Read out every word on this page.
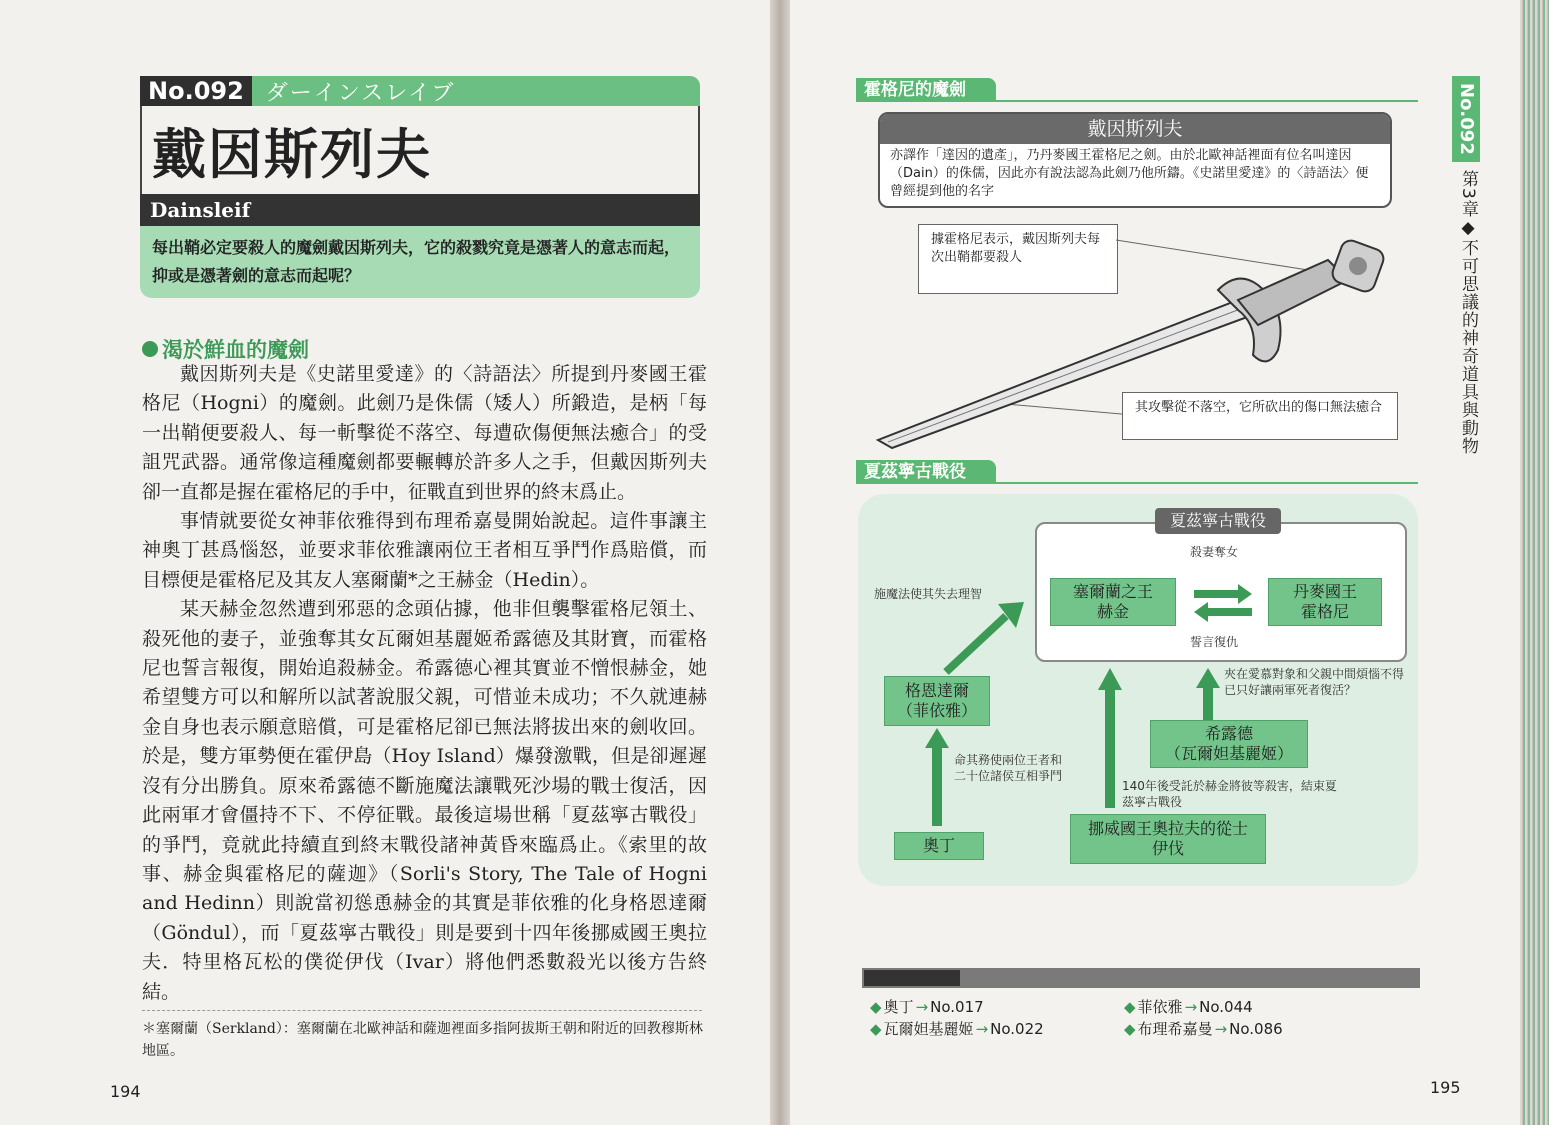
No.092	ダーインスレイブ
戴因斯列夫
Dainsleif
每出鞘必定要殺人的魔劍戴因斯列夫，它的殺戮究竟是憑著人的意志而起，抑或是憑著劍的意志而起呢？
渴於鮮血的魔劍

戴因斯列夫是《史諾里愛達》的〈詩語法〉所提到丹麥國王霍格尼（Hogni）的魔劍。此劍乃是侏儒（矮人）所鍛造，是柄「每一出鞘便要殺人、每一斬擊從不落空、每遭砍傷便無法癒合」的受詛咒武器。通常像這種魔劍都要輾轉於許多人之手，但戴因斯列夫卻一直都是握在霍格尼的手中，征戰直到世界的終末爲止。

事情就要從女神菲依雅得到布理希嘉曼開始說起。這件事讓主神奧丁甚爲惱怒，並要求菲依雅讓兩位王者相互爭鬥作爲賠償，而目標便是霍格尼及其友人塞爾蘭*之王赫金（Hedin）。

某天赫金忽然遭到邪惡的念頭佔據，他非但襲擊霍格尼領土、殺死他的妻子，並強奪其女瓦爾妲基麗姬希露德及其財寶，而霍格尼也誓言報復，開始追殺赫金。希露德心裡其實並不憎恨赫金，她希望雙方可以和解所以試著說服父親，可惜並未成功；不久就連赫金自身也表示願意賠償，可是霍格尼卻已無法將拔出來的劍收回。於是，雙方軍勢便在霍伊島（Hoy Island）爆發激戰，但是卻遲遲沒有分出勝負。原來希露德不斷施魔法讓戰死沙場的戰士復活，因此兩軍才會僵持不下、不停征戰。最後這場世稱「夏茲寧古戰役」的爭鬥，竟就此持續直到終末戰役諸神黃昏來臨爲止。《索里的故事、赫金與霍格尼的薩迦》（Sorli's Story, The Tale of Hogni and Hedinn）則說當初慫恿赫金的其實是菲依雅的化身格恩達爾（Göndul），而「夏茲寧古戰役」則是要到十四年後挪威國王奧拉夫．特里格瓦松的僕從伊伐（Ivar）將他們悉數殺光以後方告終結。

＊塞爾蘭（Serkland）：塞爾蘭在北歐神話和薩迦裡面多指阿拔斯王朝和附近的回教穆斯林地區。
194
霍格尼的魔劍
戴因斯列夫
亦譯作「達因的遺產」，乃丹麥國王霍格尼之劍。由於北歐神話裡面有位名叫達因（Dain）的侏儒，因此亦有說法認為此劍乃他所鑄。《史諾里愛達》的〈詩語法〉便曾經提到他的名字
據霍格尼表示，戴因斯列夫每次出鞘都要殺人
其攻擊從不落空，它所砍出的傷口無法癒合
夏茲寧古戰役
夏茲寧古戰役
殺妻奪女
誓言復仇
塞爾蘭之王
赫金
丹麥國王
霍格尼
施魔法使其失去理智
格恩達爾
（菲依雅）
命其務使兩位王者和二十位諸侯互相爭鬥
奧丁
夾在愛慕對象和父親中間煩惱不得已只好讓兩軍死者復活？
希露德
（瓦爾妲基麗姬）
140年後受託於赫金將彼等殺害，結束夏茲寧古戰役
挪威國王奧拉夫的從士
伊伐
◆ 奧丁 → No.017
◆ 瓦爾妲基麗姬 → No.022
◆ 菲依雅 → No.044
◆ 布理希嘉曼 → No.086
No.092
第3章◆不可思議的神奇道具與動物
195
